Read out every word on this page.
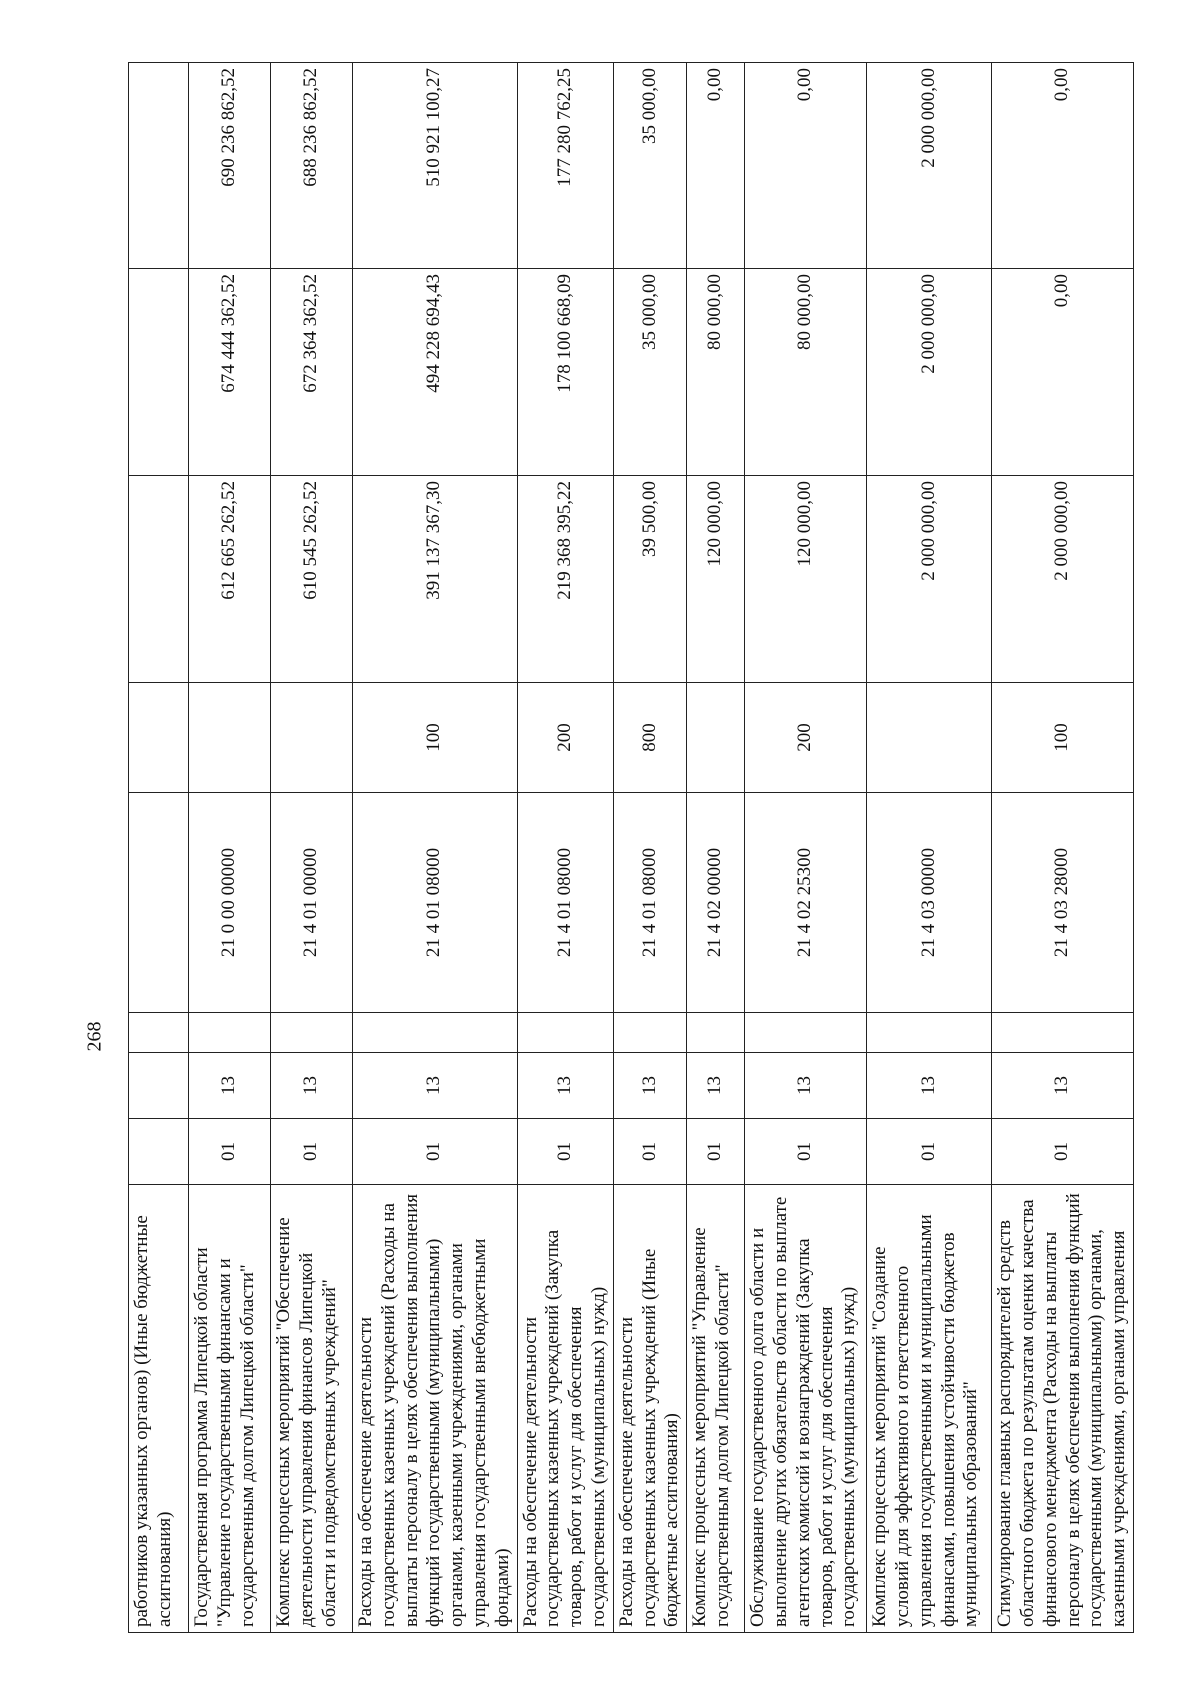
268
работников указанных органов) (Иные бюджетные ассигнования)								
Государственная программа Липецкой области "Управление государственными финансами и государственным долгом Липецкой области"	01	13		21 0 00 00000		612 665 262,52	674 444 362,52	690 236 862,52
Комплекс процессных мероприятий "Обеспечение деятельности управления финансов Липецкой области и подведомственных учреждений"	01	13		21 4 01 00000		610 545 262,52	672 364 362,52	688 236 862,52
Расходы на обеспечение деятельности государственных казенных учреждений (Расходы на выплаты персоналу в целях обеспечения выполнения функций государственными (муниципальными) органами, казенными учреждениями, органами управления государственными внебюджетными фондами)	01	13		21 4 01 08000	100	391 137 367,30	494 228 694,43	510 921 100,27
Расходы на обеспечение деятельности государственных казенных учреждений (Закупка товаров, работ и услуг для обеспечения государственных (муниципальных) нужд)	01	13		21 4 01 08000	200	219 368 395,22	178 100 668,09	177 280 762,25
Расходы на обеспечение деятельности государственных казенных учреждений (Иные бюджетные ассигнования)	01	13		21 4 01 08000	800	39 500,00	35 000,00	35 000,00
Комплекс процессных мероприятий "Управление государственным долгом Липецкой области"	01	13		21 4 02 00000		120 000,00	80 000,00	0,00
Обслуживание государственного долга области и выполнение других обязательств области по выплате агентских комиссий и вознаграждений (Закупка товаров, работ и услуг для обеспечения государственных (муниципальных) нужд)	01	13		21 4 02 25300	200	120 000,00	80 000,00	0,00
Комплекс процессных мероприятий "Создание условий для эффективного и ответственного управления государственными и муниципальными финансами, повышения устойчивости бюджетов муниципальных образований"	01	13		21 4 03 00000		2 000 000,00	2 000 000,00	2 000 000,00
Стимулирование главных распорядителей средств областного бюджета по результатам оценки качества финансового менеджмента (Расходы на выплаты персоналу в целях обеспечения выполнения функций государственными (муниципальными) органами, казенными учреждениями, органами управления	01	13		21 4 03 28000	100	2 000 000,00	0,00	0,00
